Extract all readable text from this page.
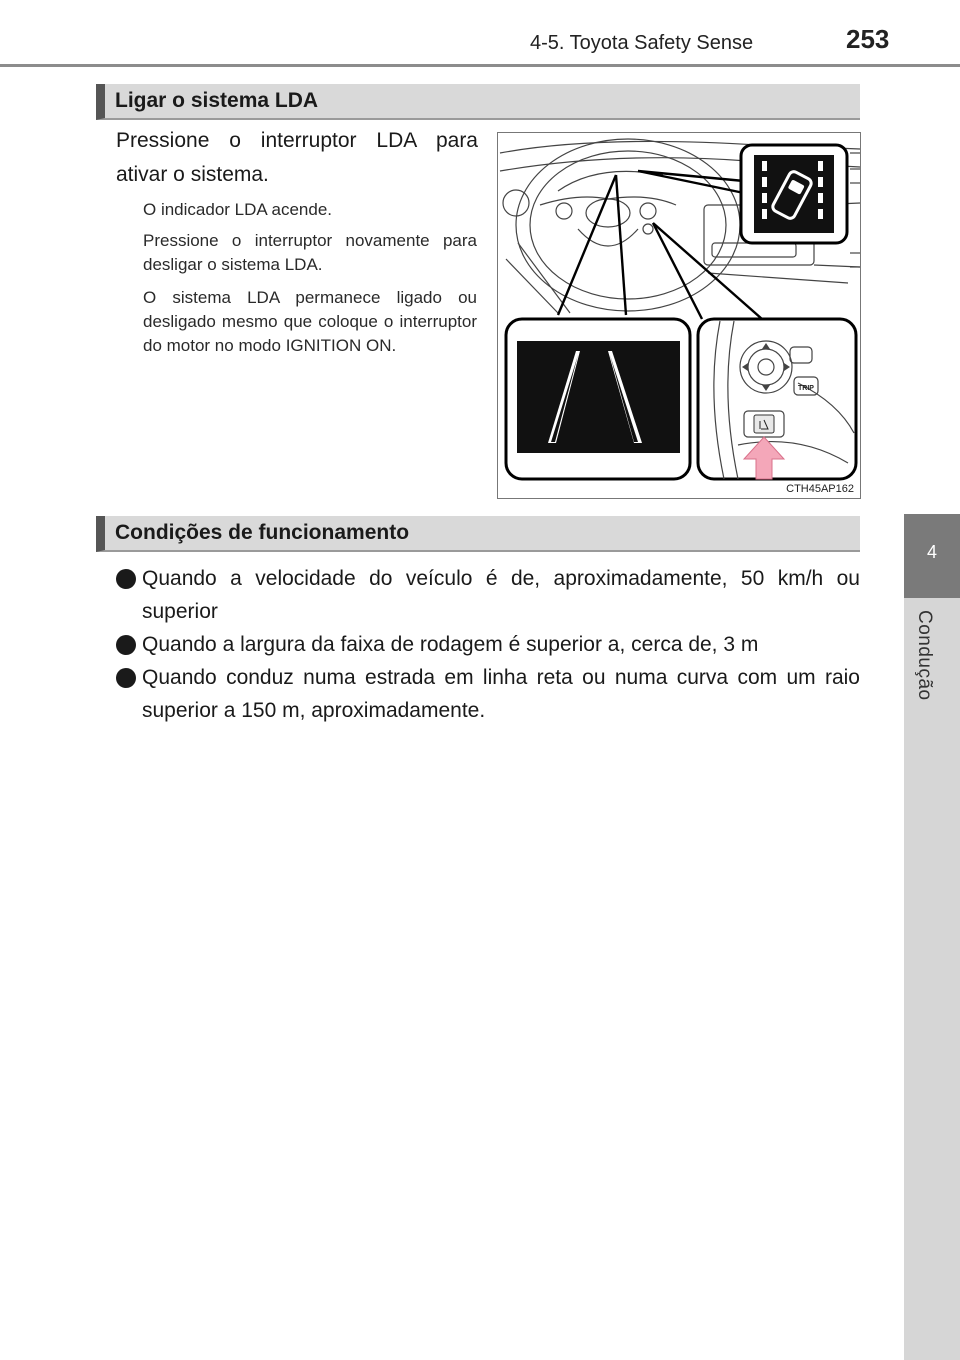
4-5. Toyota Safety Sense	253
4
Condução
Ligar o sistema LDA
Pressione o interruptor LDA para ativar o sistema.
O indicador LDA acende.
Pressione o interruptor novamente para desligar o sistema LDA.
O sistema LDA permanece ligado ou desligado mesmo que coloque o interruptor do motor no modo IGNITION ON.
TRIP
CTH45AP162
Condições de funcionamento
Quando a velocidade do veículo é de, aproximadamente, 50 km/h ou superior
Quando a largura da faixa de rodagem é superior a, cerca de, 3 m
Quando conduz numa estrada em linha reta ou numa curva com um raio superior a 150 m, aproximadamente.
